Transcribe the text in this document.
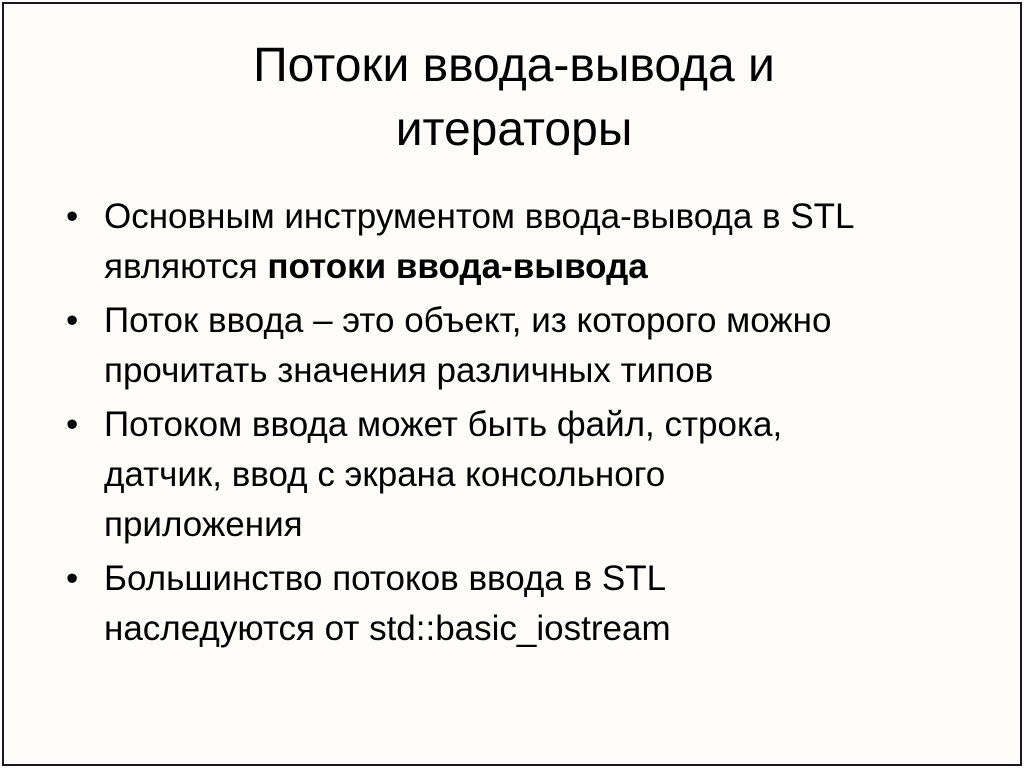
Потоки ввода-вывода и
итераторы
• Основным инструментом ввода-вывода в STL
являются потоки ввода-вывода
• Поток ввода – это объект, из которого можно
прочитать значения различных типов
• Потоком ввода может быть файл, строка,
датчик, ввод с экрана консольного
приложения
• Большинство потоков ввода в STL
наследуются от std::basic_iostream
